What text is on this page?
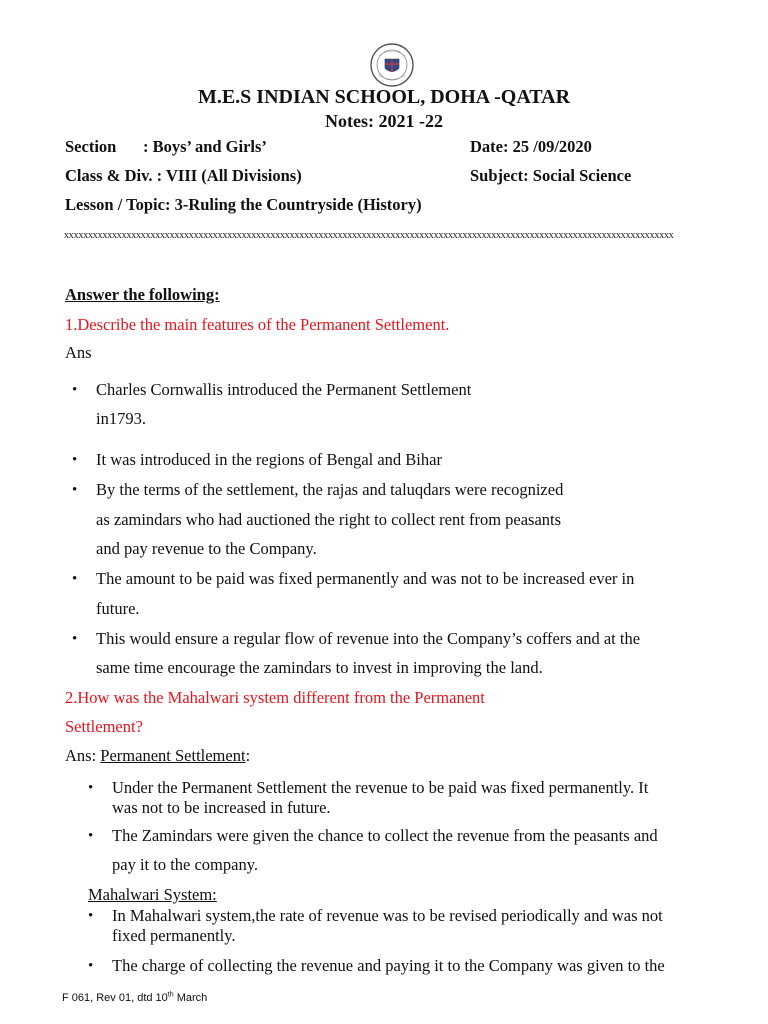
M.E.S INDIAN SCHOOL, DOHA -QATAR
Notes: 2021 -22
Section : Boys’ and Girls’	Date: 25 /09/2020
Class & Div. : VIII (All Divisions)	Subject: Social Science
Lesson / Topic: 3-Ruling the Countryside (History)
xxxxxxxxxxxxxxxxxxxxxxxxxxxxxxxxxxxxxxxxxxxxxxxxxxxxxxxxxxxxxxxxxxxxxxxxxxxxxxxxxxxxxxxxxxxxxxxxxxxxxxxxxxxxxxxxxxxxxxxxxxxxxxx
Answer the following:
1.Describe the main features of the Permanent Settlement.
Ans
• Charles Cornwallis introduced the Permanent Settlement
in1793.
• It was introduced in the regions of Bengal and Bihar
• By the terms of the settlement, the rajas and taluqdars were recognized
as zamindars who had auctioned the right to collect rent from peasants
and pay revenue to the Company.
• The amount to be paid was fixed permanently and was not to be increased ever in
future.
• This would ensure a regular flow of revenue into the Company’s coffers and at the
same time encourage the zamindars to invest in improving the land.
2.How was the Mahalwari system different from the Permanent
Settlement?
Ans: Permanent Settlement:
• Under the Permanent Settlement the revenue to be paid was fixed permanently. It
was not to be increased in future.
• The Zamindars were given the chance to collect the revenue from the peasants and
pay it to the company.
Mahalwari System:
• In Mahalwari system,the rate of revenue was to be revised periodically and was not
fixed permanently.
• The charge of collecting the revenue and paying it to the Company was given to the
F 061, Rev 01, dtd 10th March
